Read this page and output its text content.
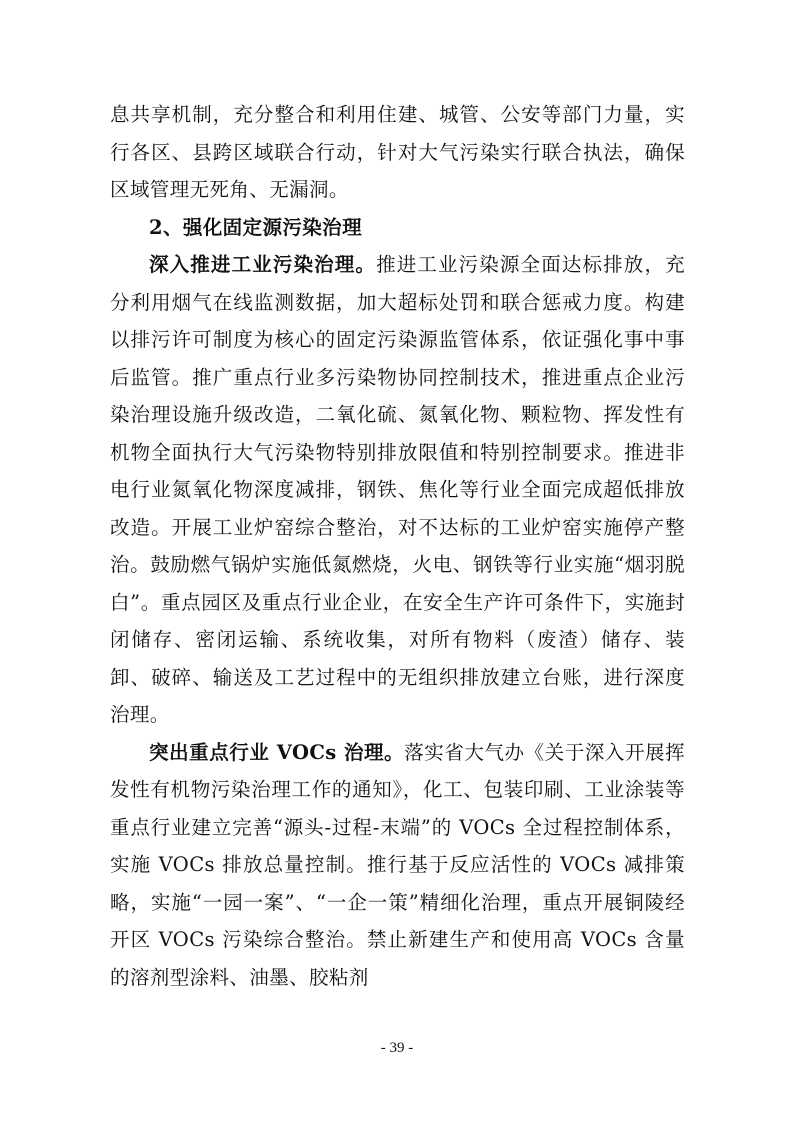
息共享机制，充分整合和利用住建、城管、公安等部门力量，实行各区、县跨区域联合行动，针对大气污染实行联合执法，确保区域管理无死角、无漏洞。

2、强化固定源污染治理

深入推进工业污染治理。推进工业污染源全面达标排放，充分利用烟气在线监测数据，加大超标处罚和联合惩戒力度。构建以排污许可制度为核心的固定污染源监管体系，依证强化事中事后监管。推广重点行业多污染物协同控制技术，推进重点企业污染治理设施升级改造，二氧化硫、氮氧化物、颗粒物、挥发性有机物全面执行大气污染物特别排放限值和特别控制要求。推进非电行业氮氧化物深度减排，钢铁、焦化等行业全面完成超低排放改造。开展工业炉窑综合整治，对不达标的工业炉窑实施停产整治。鼓励燃气锅炉实施低氮燃烧，火电、钢铁等行业实施“烟羽脱白”。重点园区及重点行业企业，在安全生产许可条件下，实施封闭储存、密闭运输、系统收集，对所有物料（废渣）储存、装卸、破碎、输送及工艺过程中的无组织排放建立台账，进行深度治理。

突出重点行业 VOCs 治理。落实省大气办《关于深入开展挥发性有机物污染治理工作的通知》，化工、包装印刷、工业涂装等重点行业建立完善“源头-过程-末端”的 VOCs 全过程控制体系，实施 VOCs 排放总量控制。推行基于反应活性的 VOCs 减排策略，实施“一园一案”、“一企一策”精细化治理，重点开展铜陵经开区 VOCs 污染综合整治。禁止新建生产和使用高 VOCs 含量的溶剂型涂料、油墨、胶粘剂

- 39 -
